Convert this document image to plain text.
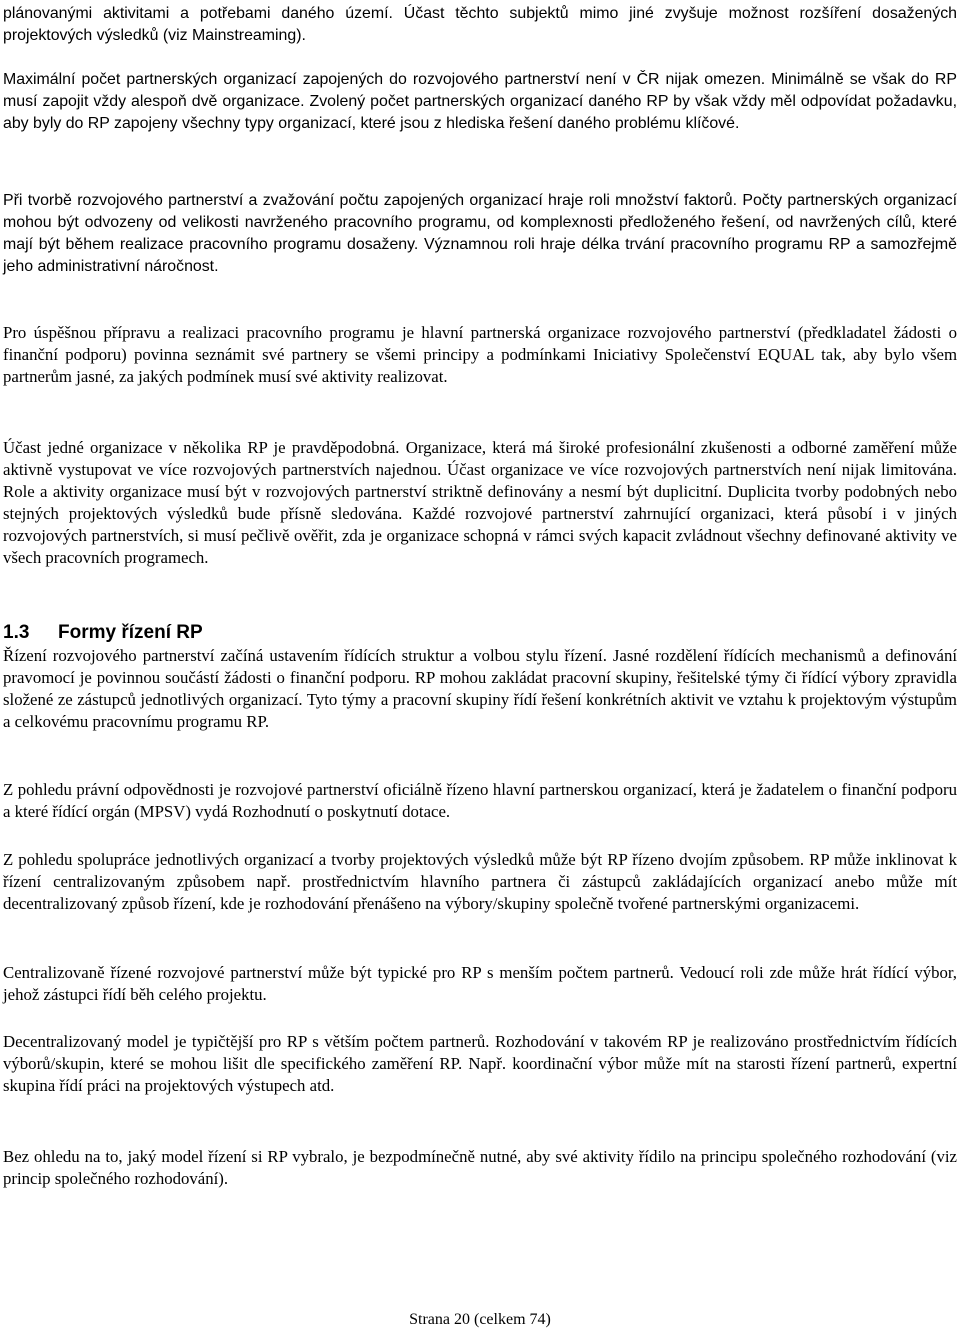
plánovanými aktivitami a potřebami daného území. Účast těchto subjektů mimo jiné zvyšuje možnost rozšíření dosažených projektových výsledků (viz Mainstreaming).

Maximální počet partnerských organizací zapojených do rozvojového partnerství není v ČR nijak omezen. Minimálně se však do RP musí zapojit vždy alespoň dvě organizace. Zvolený počet partnerských organizací daného RP by však vždy měl odpovídat požadavku, aby byly do RP zapojeny všechny typy organizací, které jsou z hlediska řešení daného problému klíčové.

Při tvorbě rozvojového partnerství a zvažování počtu zapojených organizací hraje roli množství faktorů. Počty partnerských organizací mohou být odvozeny od velikosti navrženého pracovního programu, od komplexnosti předloženého řešení, od navržených cílů, které mají být během realizace pracovního programu dosaženy. Významnou roli hraje délka trvání pracovního programu RP a samozřejmě jeho administrativní náročnost.

Pro úspěšnou přípravu a realizaci pracovního programu je hlavní partnerská organizace rozvojového partnerství (předkladatel žádosti o finanční podporu) povinna seznámit své partnery se všemi principy a podmínkami Iniciativy Společenství EQUAL tak, aby bylo všem partnerům jasné, za jakých podmínek musí své aktivity realizovat.

Účast jedné organizace v několika RP je pravděpodobná. Organizace, která má široké profesionální zkušenosti a odborné zaměření může aktivně vystupovat ve více rozvojových partnerstvích najednou. Účast organizace ve více rozvojových partnerstvích není nijak limitována. Role a aktivity organizace musí být v rozvojových partnerství striktně definovány a nesmí být duplicitní. Duplicita tvorby podobných nebo stejných projektových výsledků bude přísně sledována. Každé rozvojové partnerství zahrnující organizaci, která působí i v jiných rozvojových partnerstvích, si musí pečlivě ověřit, zda je organizace schopná v rámci svých kapacit zvládnout všechny definované aktivity ve všech pracovních programech.

1.3 Formy řízení RP

Řízení rozvojového partnerství začíná ustavením řídících struktur a volbou stylu řízení. Jasné rozdělení řídících mechanismů a definování pravomocí je povinnou součástí žádosti o finanční podporu. RP mohou zakládat pracovní skupiny, řešitelské týmy či řídící výbory zpravidla složené ze zástupců jednotlivých organizací. Tyto týmy a pracovní skupiny řídí řešení konkrétních aktivit ve vztahu k projektovým výstupům a celkovému pracovnímu programu RP.

Z pohledu právní odpovědnosti je rozvojové partnerství oficiálně řízeno hlavní partnerskou organizací, která je žadatelem o finanční podporu a které řídící orgán (MPSV) vydá Rozhodnutí o poskytnutí dotace.

Z pohledu spolupráce jednotlivých organizací a tvorby projektových výsledků může být RP řízeno dvojím způsobem. RP může inklinovat k řízení centralizovaným způsobem např. prostřednictvím hlavního partnera či zástupců zakládajících organizací anebo může mít decentralizovaný způsob řízení, kde je rozhodování přenášeno na výbory/skupiny společně tvořené partnerskými organizacemi.

Centralizovaně řízené rozvojové partnerství může být typické pro RP s menším počtem partnerů. Vedoucí roli zde může hrát řídící výbor, jehož zástupci řídí běh celého projektu.

Decentralizovaný model je typičtější pro RP s větším počtem partnerů. Rozhodování v takovém RP je realizováno prostřednictvím řídících výborů/skupin, které se mohou lišit dle specifického zaměření RP. Např. koordinační výbor může mít na starosti řízení partnerů, expertní skupina řídí práci na projektových výstupech atd.

Bez ohledu na to, jaký model řízení si RP vybralo, je bezpodmínečně nutné, aby své aktivity řídilo na principu společného rozhodování (viz princip společného rozhodování).

Strana 20 (celkem 74)
